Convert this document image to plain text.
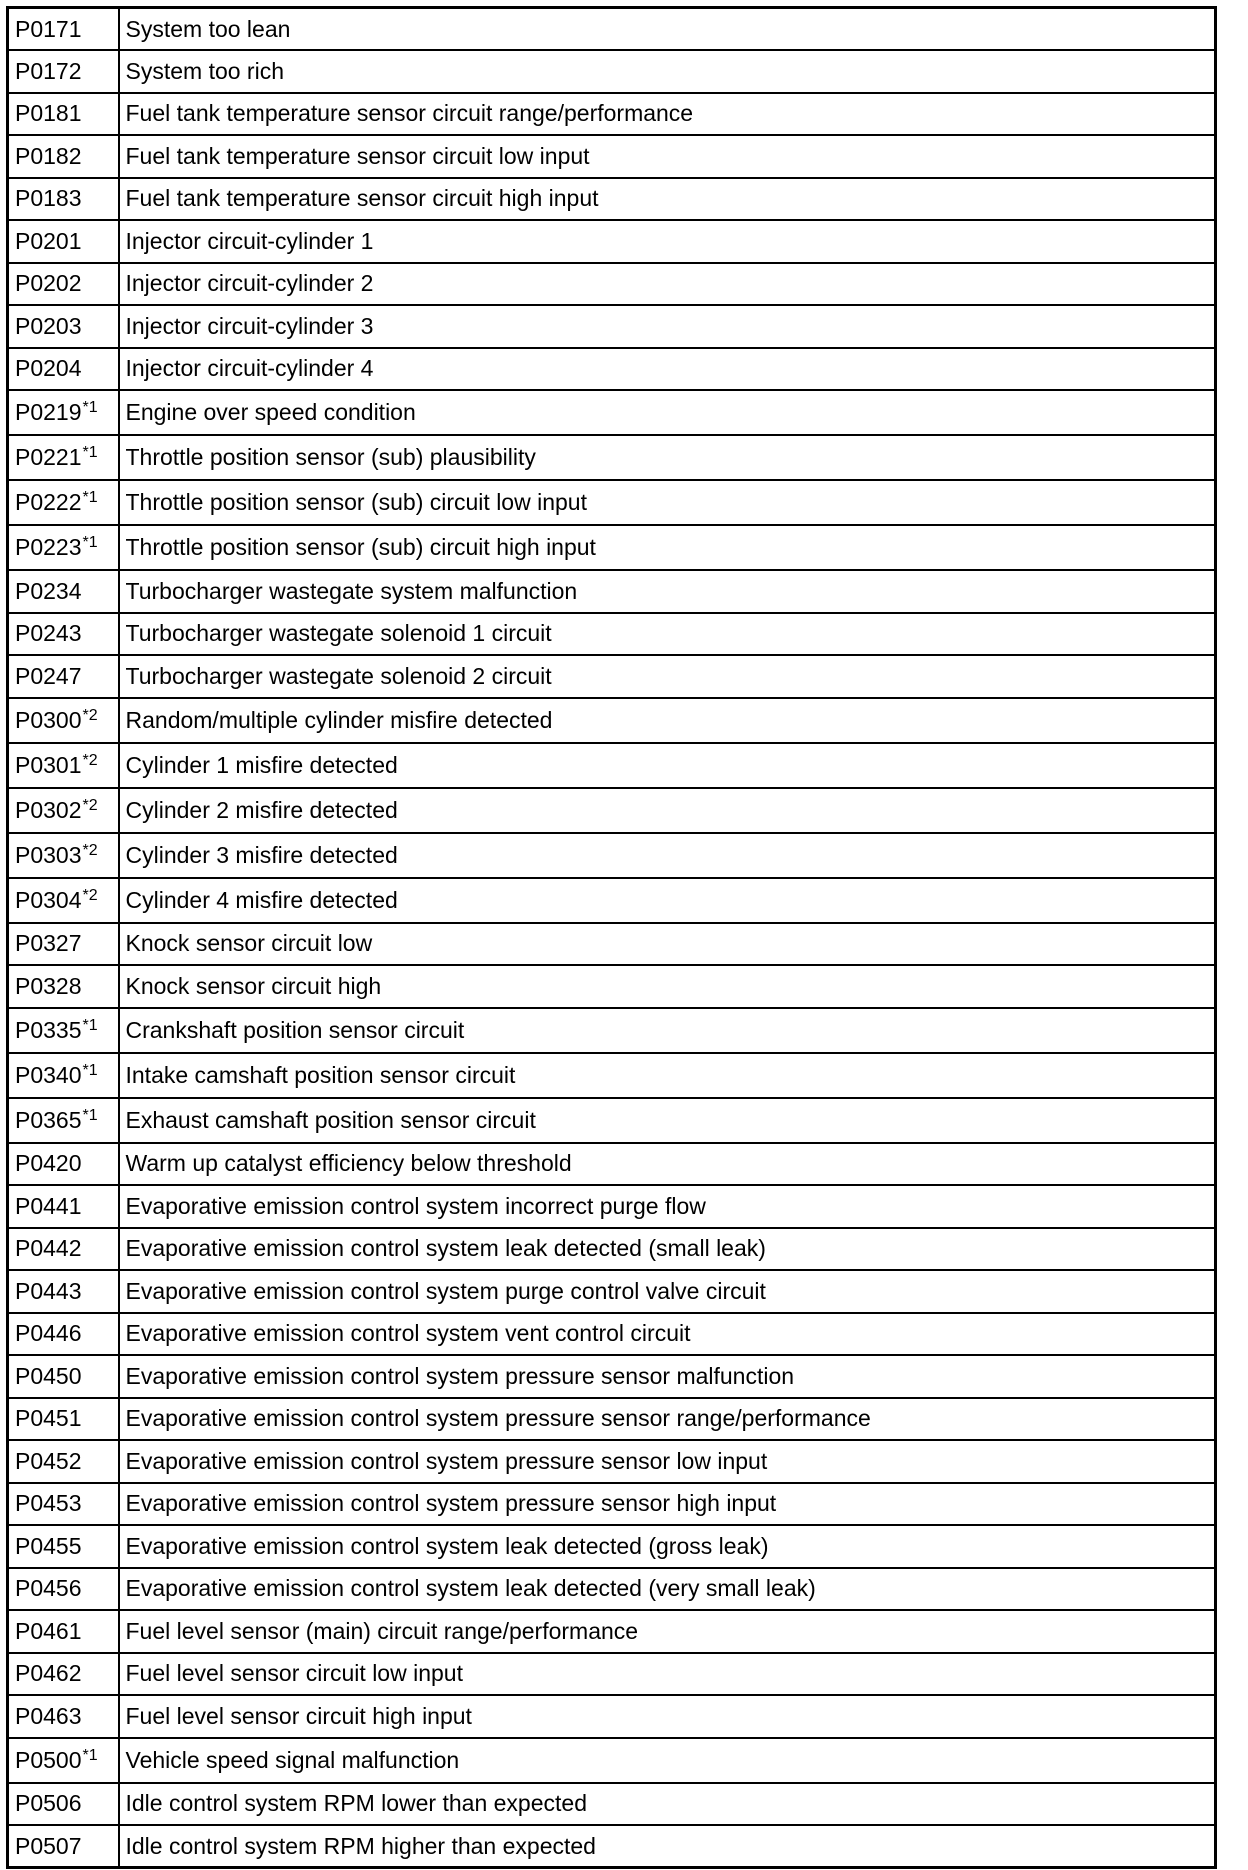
P0171	System too lean
P0172	System too rich
P0181	Fuel tank temperature sensor circuit range/performance
P0182	Fuel tank temperature sensor circuit low input
P0183	Fuel tank temperature sensor circuit high input
P0201	Injector circuit-cylinder 1
P0202	Injector circuit-cylinder 2
P0203	Injector circuit-cylinder 3
P0204	Injector circuit-cylinder 4
P0219$^{*1}$	Engine over speed condition
P0221$^{*1}$	Throttle position sensor (sub) plausibility
P0222$^{*1}$	Throttle position sensor (sub) circuit low input
P0223$^{*1}$	Throttle position sensor (sub) circuit high input
P0234	Turbocharger wastegate system malfunction
P0243	Turbocharger wastegate solenoid 1 circuit
P0247	Turbocharger wastegate solenoid 2 circuit
P0300$^{*2}$	Random/multiple cylinder misfire detected
P0301$^{*2}$	Cylinder 1 misfire detected
P0302$^{*2}$	Cylinder 2 misfire detected
P0303$^{*2}$	Cylinder 3 misfire detected
P0304$^{*2}$	Cylinder 4 misfire detected
P0327	Knock sensor circuit low
P0328	Knock sensor circuit high
P0335$^{*1}$	Crankshaft position sensor circuit
P0340$^{*1}$	Intake camshaft position sensor circuit
P0365$^{*1}$	Exhaust camshaft position sensor circuit
P0420	Warm up catalyst efficiency below threshold
P0441	Evaporative emission control system incorrect purge flow
P0442	Evaporative emission control system leak detected (small leak)
P0443	Evaporative emission control system purge control valve circuit
P0446	Evaporative emission control system vent control circuit
P0450	Evaporative emission control system pressure sensor malfunction
P0451	Evaporative emission control system pressure sensor range/performance
P0452	Evaporative emission control system pressure sensor low input
P0453	Evaporative emission control system pressure sensor high input
P0455	Evaporative emission control system leak detected (gross leak)
P0456	Evaporative emission control system leak detected (very small leak)
P0461	Fuel level sensor (main) circuit range/performance
P0462	Fuel level sensor circuit low input
P0463	Fuel level sensor circuit high input
P0500$^{*1}$	Vehicle speed signal malfunction
P0506	Idle control system RPM lower than expected
P0507	Idle control system RPM higher than expected
